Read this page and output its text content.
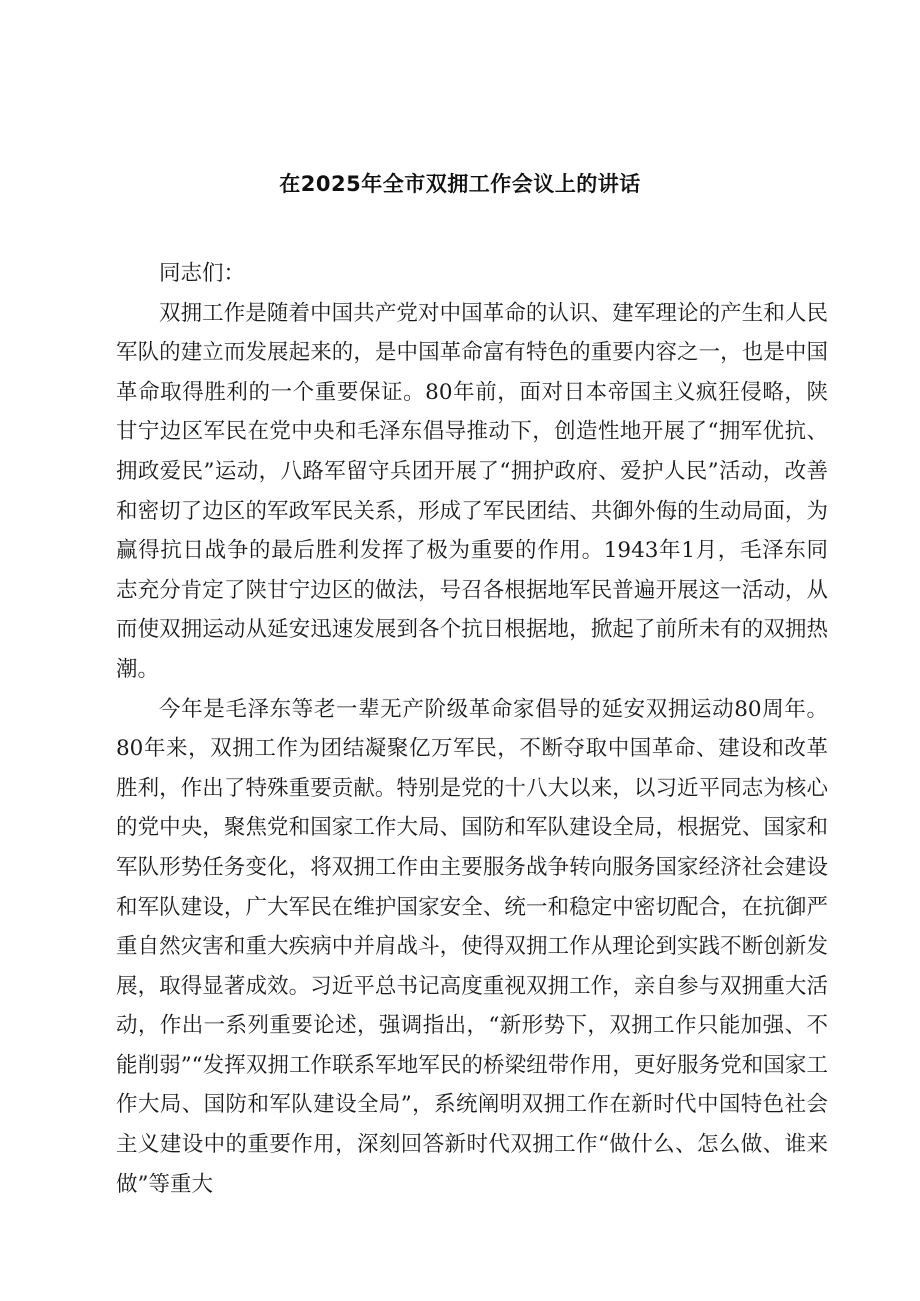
在2025年全市双拥工作会议上的讲话

同志们：

双拥工作是随着中国共产党对中国革命的认识、建军理论的产生和人民军队的建立而发展起来的，是中国革命富有特色的重要内容之一，也是中国革命取得胜利的一个重要保证。80年前，面对日本帝国主义疯狂侵略，陕甘宁边区军民在党中央和毛泽东倡导推动下，创造性地开展了“拥军优抗、拥政爱民”运动，八路军留守兵团开展了“拥护政府、爱护人民”活动，改善和密切了边区的军政军民关系，形成了军民团结、共御外侮的生动局面，为赢得抗日战争的最后胜利发挥了极为重要的作用。1943年1月，毛泽东同志充分肯定了陕甘宁边区的做法，号召各根据地军民普遍开展这一活动，从而使双拥运动从延安迅速发展到各个抗日根据地，掀起了前所未有的双拥热潮。

今年是毛泽东等老一辈无产阶级革命家倡导的延安双拥运动80周年。80年来，双拥工作为团结凝聚亿万军民，不断夺取中国革命、建设和改革胜利，作出了特殊重要贡献。特别是党的十八大以来，以习近平同志为核心的党中央，聚焦党和国家工作大局、国防和军队建设全局，根据党、国家和军队形势任务变化，将双拥工作由主要服务战争转向服务国家经济社会建设和军队建设，广大军民在维护国家安全、统一和稳定中密切配合，在抗御严重自然灾害和重大疾病中并肩战斗，使得双拥工作从理论到实践不断创新发展，取得显著成效。习近平总书记高度重视双拥工作，亲自参与双拥重大活动，作出一系列重要论述，强调指出，“新形势下，双拥工作只能加强、不能削弱”“发挥双拥工作联系军地军民的桥梁纽带作用，更好服务党和国家工作大局、国防和军队建设全局”，系统阐明双拥工作在新时代中国特色社会主义建设中的重要作用，深刻回答新时代双拥工作“做什么、怎么做、谁来做”等重大
